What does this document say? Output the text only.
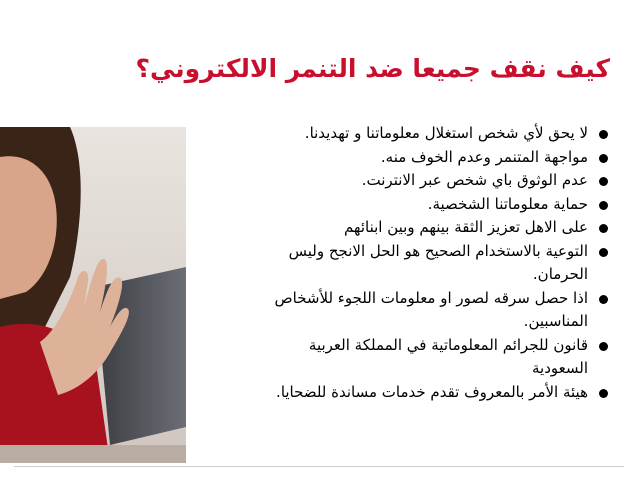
كيف نقف جميعا ضد التنمر الالكتروني؟
لا يحق لأي شخص استغلال معلوماتنا و تهديدنا.
مواجهة المتنمر وعدم الخوف منه.
عدم الوثوق باي شخص عبر الانترنت.
حماية معلوماتنا الشخصية.
على الاهل تعزيز الثقة بينهم وبين ابنائهم
التوعية بالاستخدام الصحيح هو الحل الانجح وليس الحرمان.
اذا حصل سرقه لصور او معلومات اللجوء للأشخاص المناسبين.
قانون للجرائم المعلوماتية في المملكة العربية السعودية
هيئة الأمر بالمعروف تقدم خدمات مساندة للضحايا.
